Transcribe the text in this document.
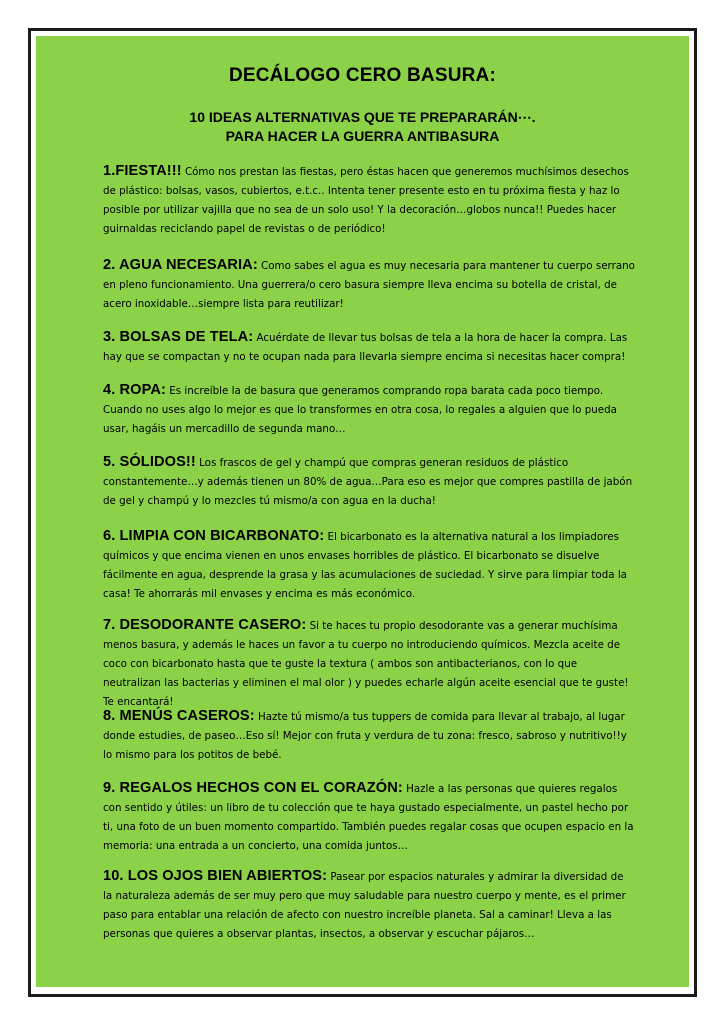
DECÁLOGO CERO BASURA:
10 IDEAS ALTERNATIVAS QUE TE PREPARARÁN⋯.
PARA HACER LA GUERRA ANTIBASURA

1.FIESTA!!! Cómo nos prestan las fiestas, pero éstas hacen que generemos muchísimos desechos de plástico: bolsas, vasos, cubiertos, e.t.c.. Intenta tener presente esto en tu próxima fiesta y haz lo posible por utilizar vajilla que no sea de un solo uso! Y la decoración…globos nunca!! Puedes hacer guirnaldas reciclando papel de revistas o de periódico!

2. AGUA NECESARIA: Como sabes el agua es muy necesaria para mantener tu cuerpo serrano en pleno funcionamiento. Una guerrera/o cero basura siempre lleva encima su botella de cristal, de acero inoxidable…siempre lista para reutilizar!

3. BOLSAS DE TELA: Acuérdate de llevar tus bolsas de tela a la hora de hacer la compra. Las hay que se compactan y no te ocupan nada para llevarla siempre encima si necesitas hacer compra!

4. ROPA: Es increíble la de basura que generamos comprando ropa barata cada poco tiempo. Cuando no uses algo lo mejor es que lo transformes en otra cosa, lo regales a alguien que lo pueda usar, hagáis un mercadillo de segunda mano…

5. SÓLIDOS!! Los frascos de gel y champú que compras generan residuos de plástico constantemente…y además tienen un 80% de agua…Para eso es mejor que compres pastilla de jabón de gel y champú y lo mezcles tú mismo/a con agua en la ducha!

6. LIMPIA CON BICARBONATO: El bicarbonato es la alternativa natural a los limpiadores químicos y que encima vienen en unos envases horribles de plástico. El bicarbonato se disuelve fácilmente en agua, desprende la grasa y las acumulaciones de suciedad. Y sirve para limpiar toda la casa! Te ahorrarás mil envases y encima es más económico.

7. DESODORANTE CASERO: Si te haces tu propio desodorante vas a generar muchísima menos basura, y además le haces un favor a tu cuerpo no introduciendo químicos. Mezcla aceite de coco con bicarbonato hasta que te guste la textura ( ambos son antibacterianos, con lo que neutralizan las bacterias y eliminen el mal olor ) y puedes echarle algún aceite esencial que te guste! Te encantará!

8. MENÚS CASEROS: Hazte tú mismo/a tus tuppers de comida para llevar al trabajo, al lugar donde estudies, de paseo…Eso sí! Mejor con fruta y verdura de tu zona: fresco, sabroso y nutritivo!!y lo mismo para los potitos de bebé.

9. REGALOS HECHOS CON EL CORAZÓN: Hazle a las personas que quieres regalos con sentido y útiles: un libro de tu colección que te haya gustado especialmente, un pastel hecho por ti, una foto de un buen momento compartido. También puedes regalar cosas que ocupen espacio en la memoria: una entrada a un concierto, una comida juntos…

10. LOS OJOS BIEN ABIERTOS: Pasear por espacios naturales y admirar la diversidad de la naturaleza además de ser muy pero que muy saludable para nuestro cuerpo y mente, es el primer paso para entablar una relación de afecto con nuestro increíble planeta. Sal a caminar! Lleva a las personas que quieres a observar plantas, insectos, a observar y escuchar pájaros…
